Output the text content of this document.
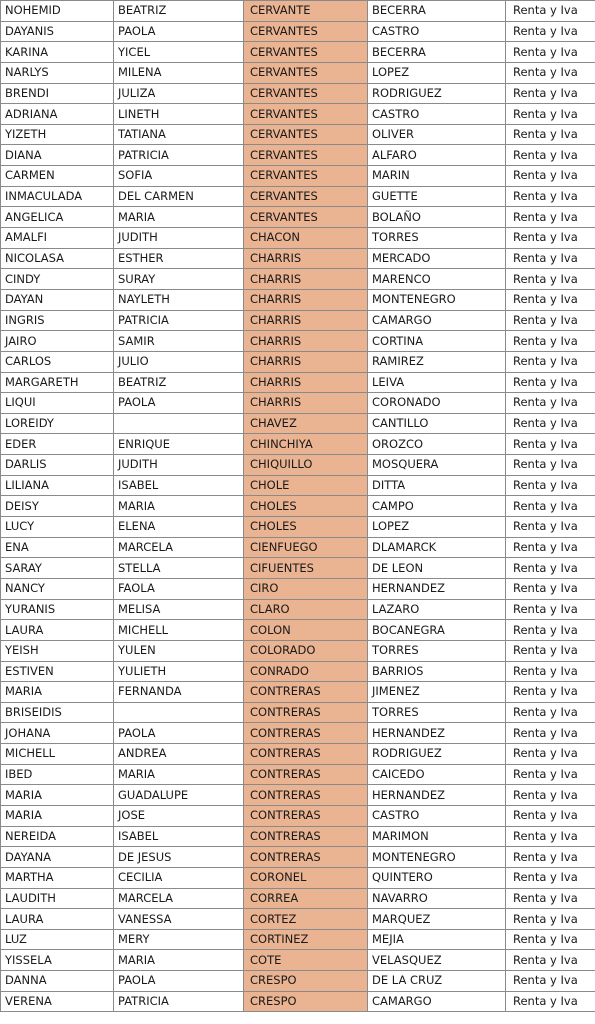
NOHEMID	BEATRIZ	CERVANTE	BECERRA	Renta y Iva
DAYANIS	PAOLA	CERVANTES	CASTRO	Renta y Iva
KARINA	YICEL	CERVANTES	BECERRA	Renta y Iva
NARLYS	MILENA	CERVANTES	LOPEZ	Renta y Iva
BRENDI	JULIZA	CERVANTES	RODRIGUEZ	Renta y Iva
ADRIANA	LINETH	CERVANTES	CASTRO	Renta y Iva
YIZETH	TATIANA	CERVANTES	OLIVER	Renta y Iva
DIANA	PATRICIA	CERVANTES	ALFARO	Renta y Iva
CARMEN	SOFIA	CERVANTES	MARIN	Renta y Iva
INMACULADA	DEL CARMEN	CERVANTES	GUETTE	Renta y Iva
ANGELICA	MARIA	CERVANTES	BOLAÑO	Renta y Iva
AMALFI	JUDITH	CHACON	TORRES	Renta y Iva
NICOLASA	ESTHER	CHARRIS	MERCADO	Renta y Iva
CINDY	SURAY	CHARRIS	MARENCO	Renta y Iva
DAYAN	NAYLETH	CHARRIS	MONTENEGRO	Renta y Iva
INGRIS	PATRICIA	CHARRIS	CAMARGO	Renta y Iva
JAIRO	SAMIR	CHARRIS	CORTINA	Renta y Iva
CARLOS	JULIO	CHARRIS	RAMIREZ	Renta y Iva
MARGARETH	BEATRIZ	CHARRIS	LEIVA	Renta y Iva
LIQUI	PAOLA	CHARRIS	CORONADO	Renta y Iva
LOREIDY		CHAVEZ	CANTILLO	Renta y Iva
EDER	ENRIQUE	CHINCHIYA	OROZCO	Renta y Iva
DARLIS	JUDITH	CHIQUILLO	MOSQUERA	Renta y Iva
LILIANA	ISABEL	CHOLE	DITTA	Renta y Iva
DEISY	MARIA	CHOLES	CAMPO	Renta y Iva
LUCY	ELENA	CHOLES	LOPEZ	Renta y Iva
ENA	MARCELA	CIENFUEGO	DLAMARCK	Renta y Iva
SARAY	STELLA	CIFUENTES	DE LEON	Renta y Iva
NANCY	FAOLA	CIRO	HERNANDEZ	Renta y Iva
YURANIS	MELISA	CLARO	LAZARO	Renta y Iva
LAURA	MICHELL	COLON	BOCANEGRA	Renta y Iva
YEISH	YULEN	COLORADO	TORRES	Renta y Iva
ESTIVEN	YULIETH	CONRADO	BARRIOS	Renta y Iva
MARIA	FERNANDA	CONTRERAS	JIMENEZ	Renta y Iva
BRISEIDIS		CONTRERAS	TORRES	Renta y Iva
JOHANA	PAOLA	CONTRERAS	HERNANDEZ	Renta y Iva
MICHELL	ANDREA	CONTRERAS	RODRIGUEZ	Renta y Iva
IBED	MARIA	CONTRERAS	CAICEDO	Renta y Iva
MARIA	GUADALUPE	CONTRERAS	HERNANDEZ	Renta y Iva
MARIA	JOSE	CONTRERAS	CASTRO	Renta y Iva
NEREIDA	ISABEL	CONTRERAS	MARIMON	Renta y Iva
DAYANA	DE JESUS	CONTRERAS	MONTENEGRO	Renta y Iva
MARTHA	CECILIA	CORONEL	QUINTERO	Renta y Iva
LAUDITH	MARCELA	CORREA	NAVARRO	Renta y Iva
LAURA	VANESSA	CORTEZ	MARQUEZ	Renta y Iva
LUZ	MERY	CORTINEZ	MEJIA	Renta y Iva
YISSELA	MARIA	COTE	VELASQUEZ	Renta y Iva
DANNA	PAOLA	CRESPO	DE LA CRUZ	Renta y Iva
VERENA	PATRICIA	CRESPO	CAMARGO	Renta y Iva
